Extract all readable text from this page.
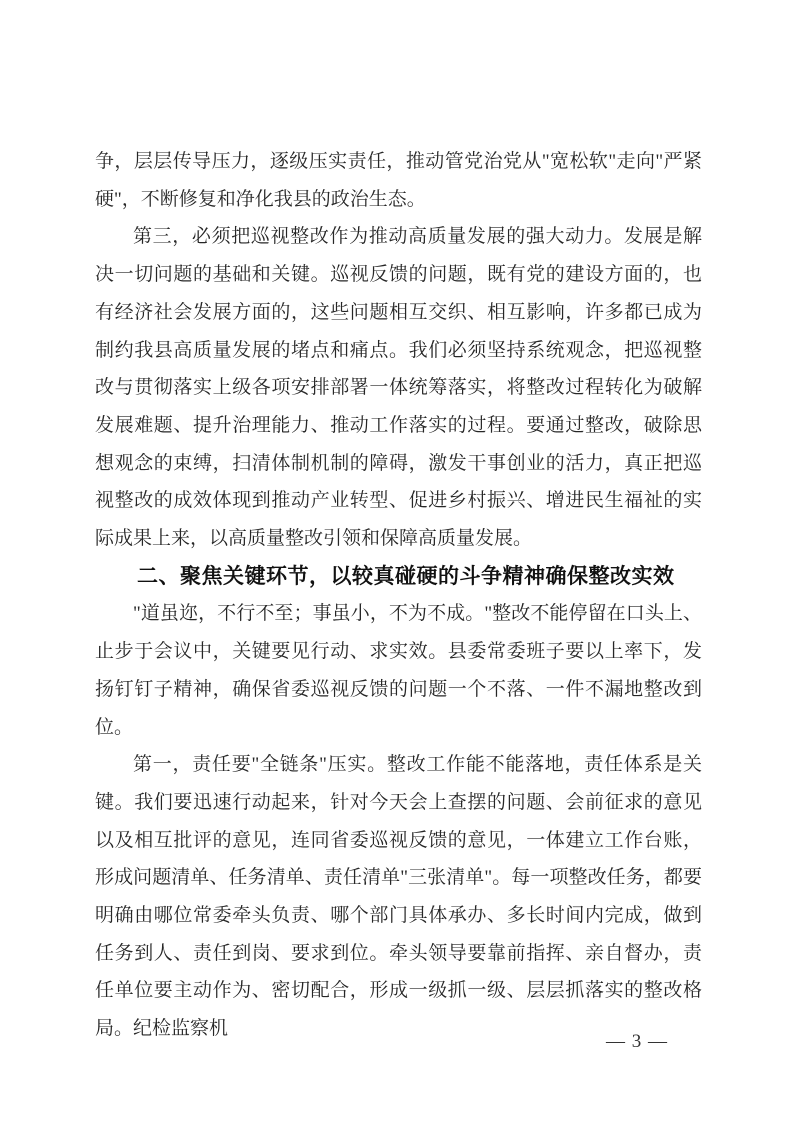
争，层层传导压力，逐级压实责任，推动管党治党从"宽松软"走向"严紧硬"，不断修复和净化我县的政治生态。

第三，必须把巡视整改作为推动高质量发展的强大动力。发展是解决一切问题的基础和关键。巡视反馈的问题，既有党的建设方面的，也有经济社会发展方面的，这些问题相互交织、相互影响，许多都已成为制约我县高质量发展的堵点和痛点。我们必须坚持系统观念，把巡视整改与贯彻落实上级各项安排部署一体统筹落实，将整改过程转化为破解发展难题、提升治理能力、推动工作落实的过程。要通过整改，破除思想观念的束缚，扫清体制机制的障碍，激发干事创业的活力，真正把巡视整改的成效体现到推动产业转型、促进乡村振兴、增进民生福祉的实际成果上来，以高质量整改引领和保障高质量发展。

二、聚焦关键环节，以较真碰硬的斗争精神确保整改实效

"道虽迩，不行不至；事虽小，不为不成。"整改不能停留在口头上、止步于会议中，关键要见行动、求实效。县委常委班子要以上率下，发扬钉钉子精神，确保省委巡视反馈的问题一个不落、一件不漏地整改到位。

第一，责任要"全链条"压实。整改工作能不能落地，责任体系是关键。我们要迅速行动起来，针对今天会上查摆的问题、会前征求的意见以及相互批评的意见，连同省委巡视反馈的意见，一体建立工作台账，形成问题清单、任务清单、责任清单"三张清单"。每一项整改任务，都要明确由哪位常委牵头负责、哪个部门具体承办、多长时间内完成，做到任务到人、责任到岗、要求到位。牵头领导要靠前指挥、亲自督办，责任单位要主动作为、密切配合，形成一级抓一级、层层抓落实的整改格局。纪检监察机

— 3 —
